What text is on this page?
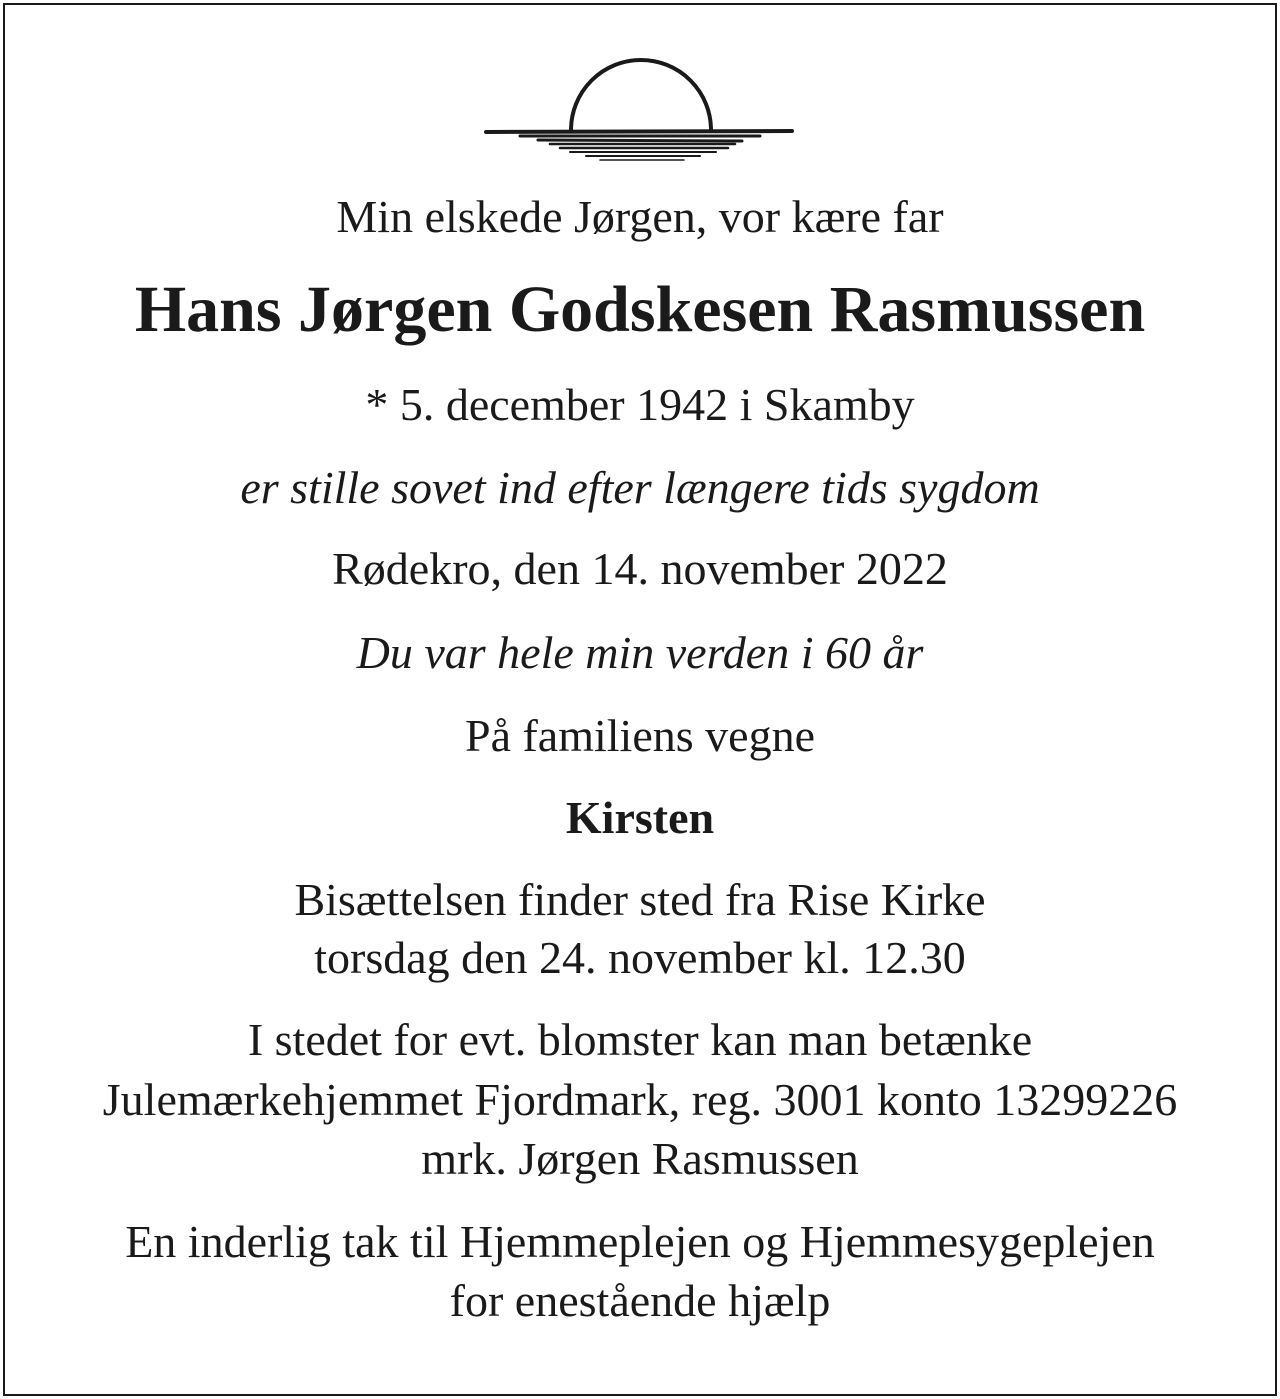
Min elskede Jørgen, vor kære far
Hans Jørgen Godskesen Rasmussen
* 5. december 1942 i Skamby
er stille sovet ind efter længere tids sygdom
Rødekro, den 14. november 2022
Du var hele min verden i 60 år
På familiens vegne
Kirsten
Bisættelsen finder sted fra Rise Kirke
torsdag den 24. november kl. 12.30
I stedet for evt. blomster kan man betænke
Julemærkehjemmet Fjordmark, reg. 3001 konto 13299226
mrk. Jørgen Rasmussen
En inderlig tak til Hjemmeplejen og Hjemmesygeplejen
for enestående hjælp
